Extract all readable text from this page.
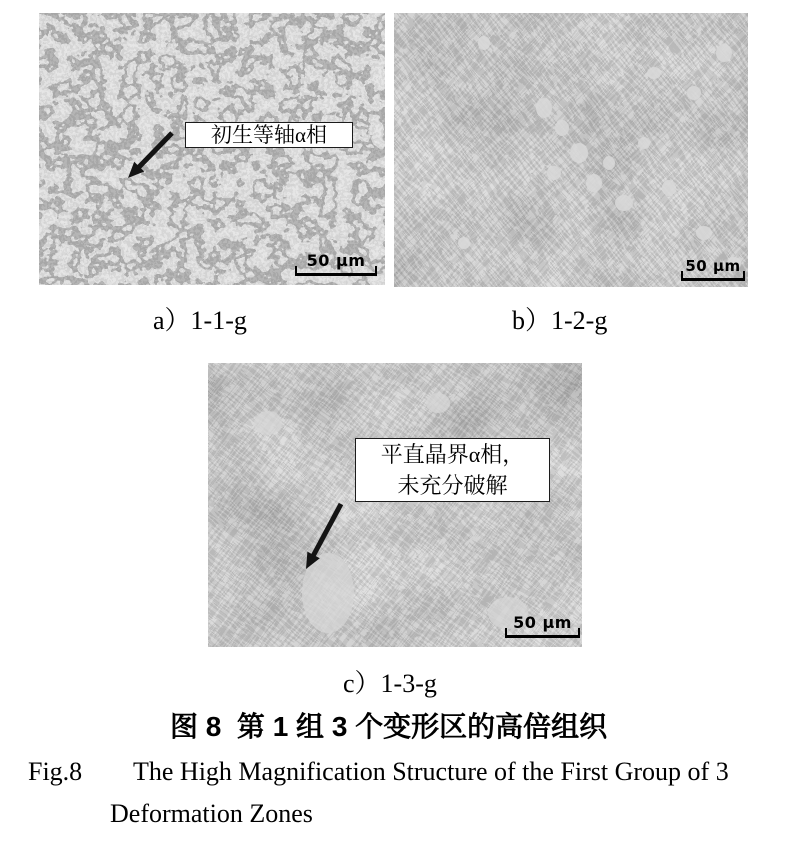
初生等轴α相
50 μm	50 μm
平直晶界α相，
未充分破解
50 μm
a）1-1-g	b）1-2-g
c）1-3-g
图 8  第 1 组 3 个变形区的高倍组织
Fig.8 The High Magnification Structure of the First Group of 3
Deformation Zones
